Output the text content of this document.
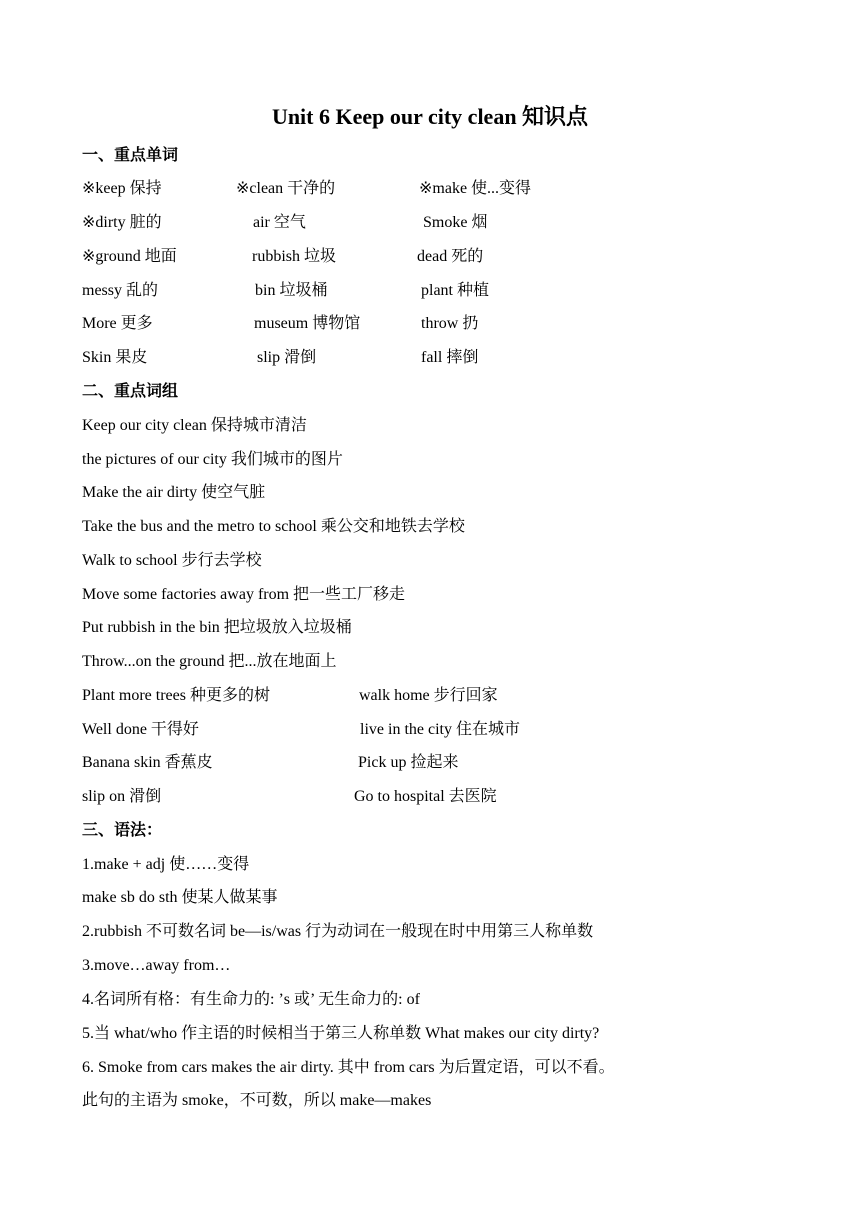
Unit 6 Keep our city clean 知识点
一、重点单词
※keep 保持	※clean 干净的	※make 使...变得
※dirty 脏的	air 空气	Smoke 烟
※ground 地面	rubbish 垃圾	dead 死的
messy 乱的	bin 垃圾桶	plant 种植
More 更多	museum 博物馆	throw 扔
Skin 果皮	slip 滑倒	fall 摔倒
二、重点词组
Keep our city clean 保持城市清洁
the pictures of our city 我们城市的图片
Make the air dirty 使空气脏
Take the bus and the metro to school 乘公交和地铁去学校
Walk to school 步行去学校
Move some factories away from 把一些工厂移走
Put rubbish in the bin 把垃圾放入垃圾桶
Throw...on the ground 把...放在地面上
Plant more trees 种更多的树	walk home 步行回家
Well done 干得好	live in the city 住在城市
Banana skin 香蕉皮	Pick up 捡起来
slip on 滑倒	Go to hospital 去医院
三、语法：
1.make + adj 使……变得
make sb do sth 使某人做某事
2.rubbish 不可数名词 be—is/was 行为动词在一般现在时中用第三人称单数
3.move…away from…
4.名词所有格：有生命力的: ’s 或’ 无生命力的: of
5.当 what/who 作主语的时候相当于第三人称单数 What makes our city dirty?
6. Smoke from cars makes the air dirty. 其中 from cars 为后置定语，可以不看。
此句的主语为 smoke，不可数，所以 make—makes
